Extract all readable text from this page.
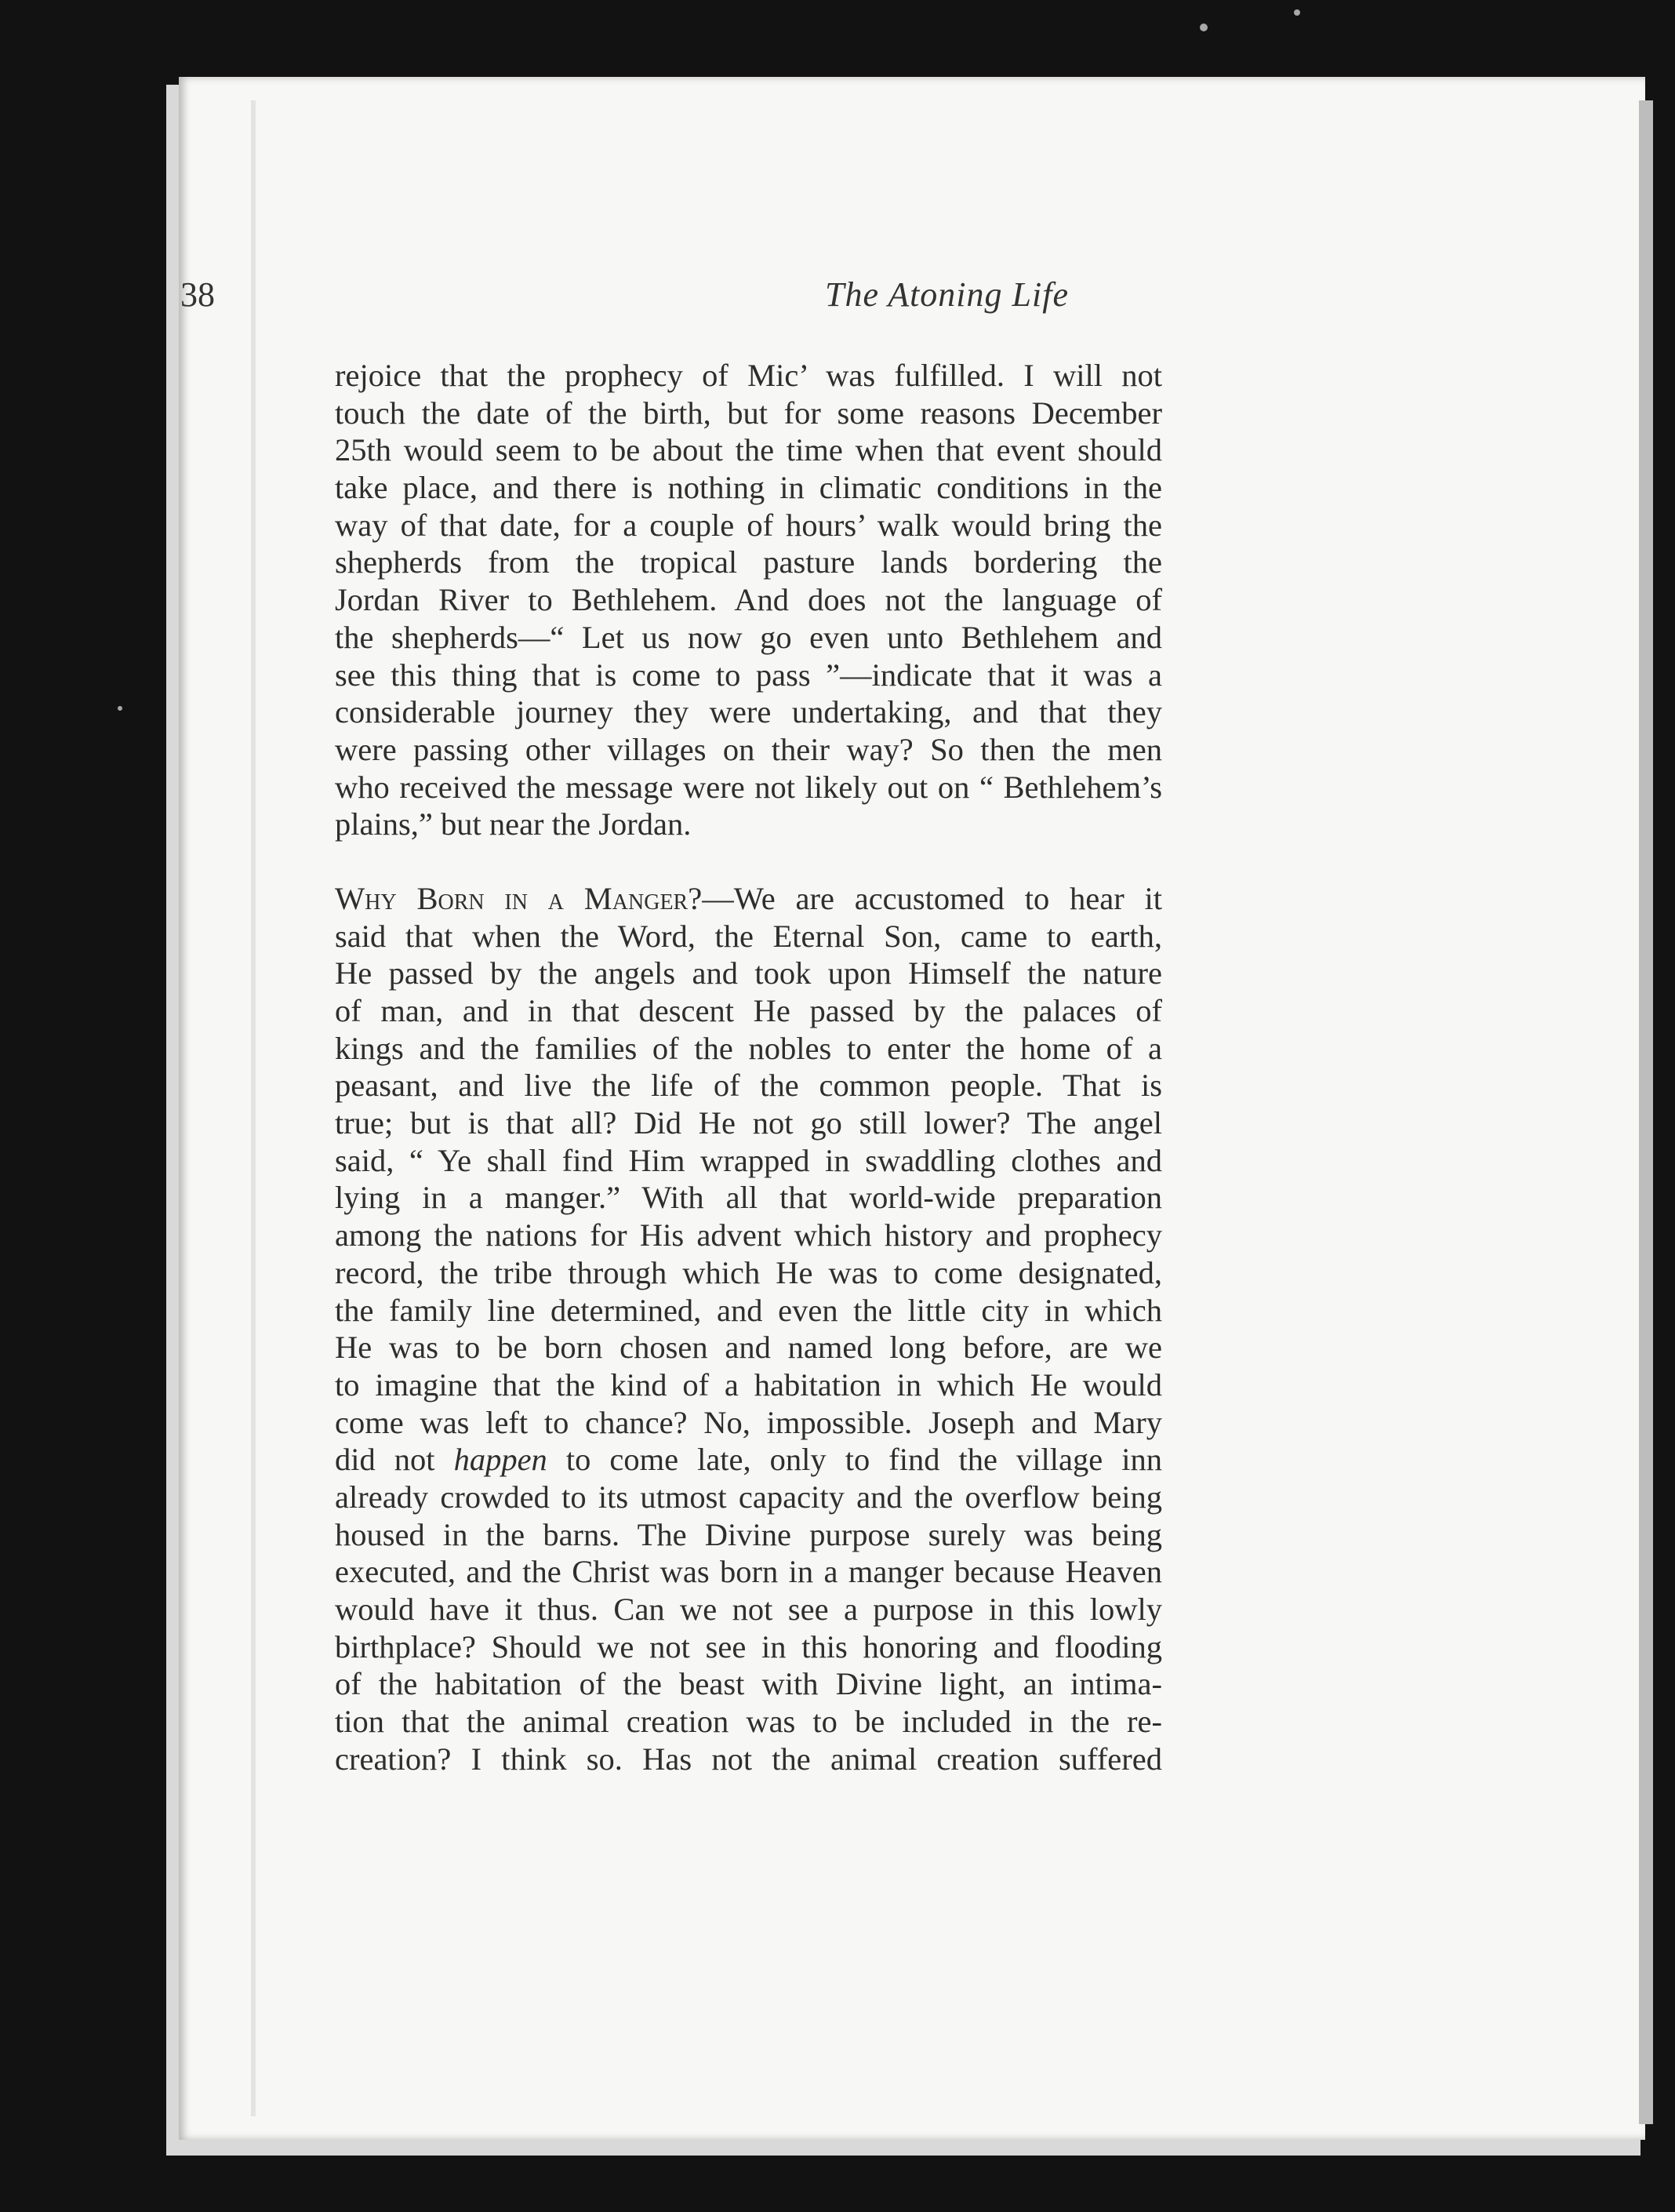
38	The Atoning Life
rejoice that the prophecy of Mic’ was fulfilled. I will not
touch the date of the birth, but for some reasons December
25th would seem to be about the time when that event should
take place, and there is nothing in climatic conditions in the
way of that date, for a couple of hours’ walk would bring the
shepherds from the tropical pasture lands bordering the
Jordan River to Bethlehem. And does not the language of
the shepherds—“ Let us now go even unto Bethlehem and
see this thing that is come to pass ”—indicate that it was a
considerable journey they were undertaking, and that they
were passing other villages on their way? So then the men
who received the message were not likely out on “ Bethlehem’s
plains,” but near the Jordan.
Why Born in a Manger?—We are accustomed to hear it
said that when the Word, the Eternal Son, came to earth,
He passed by the angels and took upon Himself the nature
of man, and in that descent He passed by the palaces of
kings and the families of the nobles to enter the home of a
peasant, and live the life of the common people. That is
true; but is that all? Did He not go still lower? The angel
said, “ Ye shall find Him wrapped in swaddling clothes and
lying in a manger.” With all that world-wide preparation
among the nations for His advent which history and prophecy
record, the tribe through which He was to come designated,
the family line determined, and even the little city in which
He was to be born chosen and named long before, are we
to imagine that the kind of a habitation in which He would
come was left to chance? No, impossible. Joseph and Mary
did not happen to come late, only to find the village inn
already crowded to its utmost capacity and the overflow being
housed in the barns. The Divine purpose surely was being
executed, and the Christ was born in a manger because Heaven
would have it thus. Can we not see a purpose in this lowly
birthplace? Should we not see in this honoring and flooding
of the habitation of the beast with Divine light, an intima-
tion that the animal creation was to be included in the re-
creation? I think so. Has not the animal creation suffered
